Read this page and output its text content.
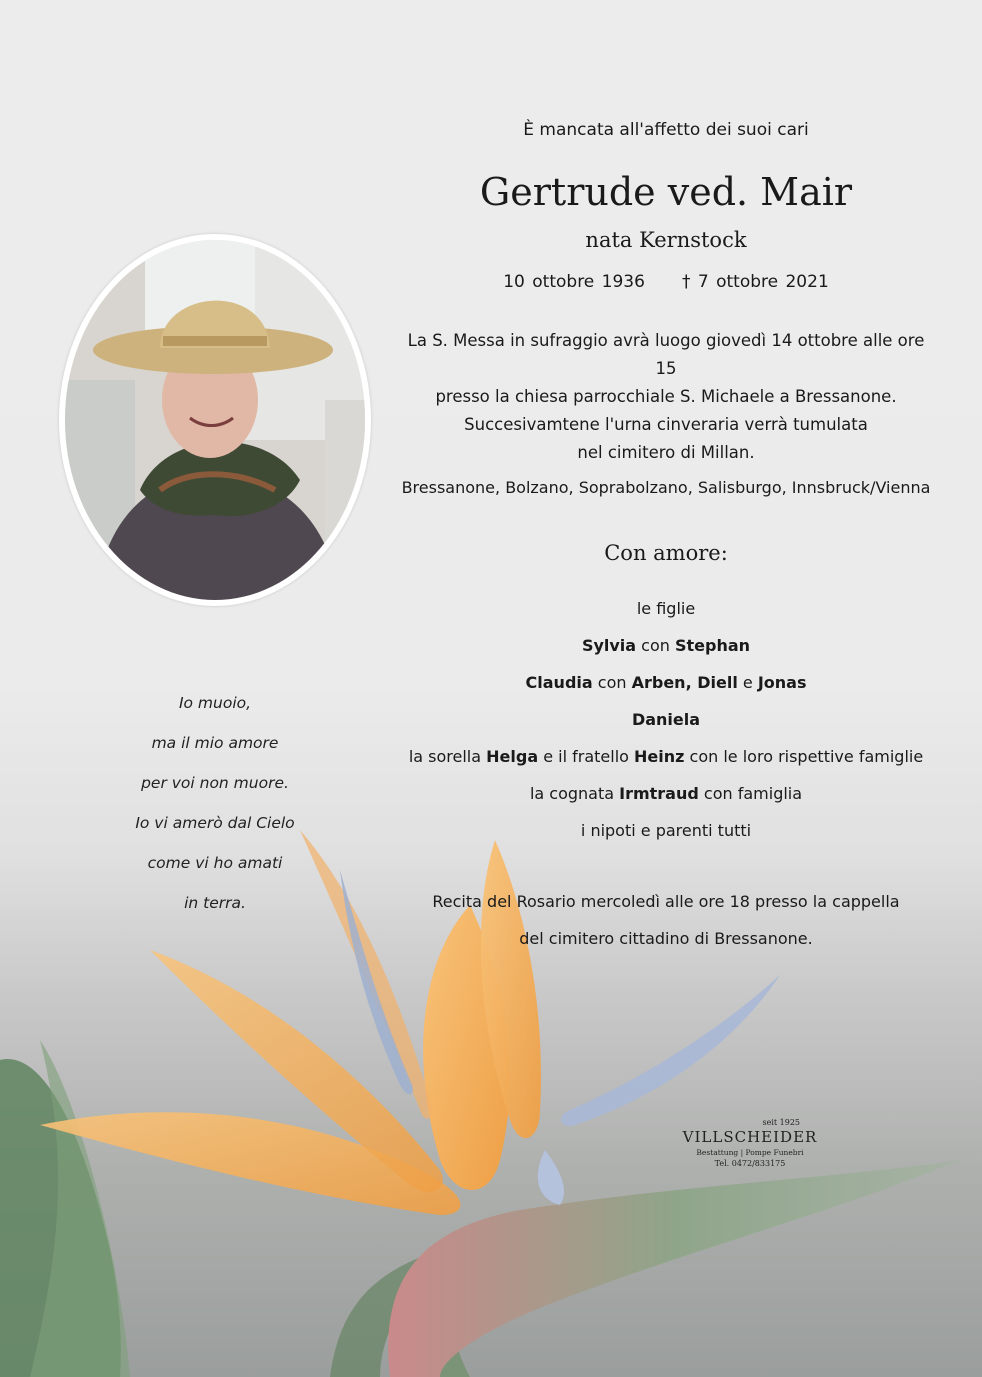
È mancata all'affetto dei suoi cari
Gertrude ved. Mair
nata Kernstock
10 ottobre 1936 † 7 ottobre 2021
La S. Messa in sufraggio avrà luogo giovedì 14 ottobre alle ore 15
presso la chiesa parrocchiale S. Michaele a Bressanone.
Succesivamtene l'urna cinveraria verrà tumulata
nel cimitero di Millan.
Bressanone, Bolzano, Soprabolzano, Salisburgo, Innsbruck/Vienna
Con amore:
le figlie
Sylvia con Stephan
Claudia con Arben, Diell e Jonas
Daniela
la sorella Helga e il fratello Heinz con le loro rispettive famiglie
la cognata Irmtraud con famiglia
i nipoti e parenti tutti
Recita del Rosario mercoledì alle ore 18 presso la cappella
del cimitero cittadino di Bressanone.
Io muoio,
ma il mio amore
per voi non muore.
Io vi amerò dal Cielo
come vi ho amati
in terra.
seit 1925
VILLSCHEIDER
Bestattung | Pompe Funebri
Tel. 0472/833175
